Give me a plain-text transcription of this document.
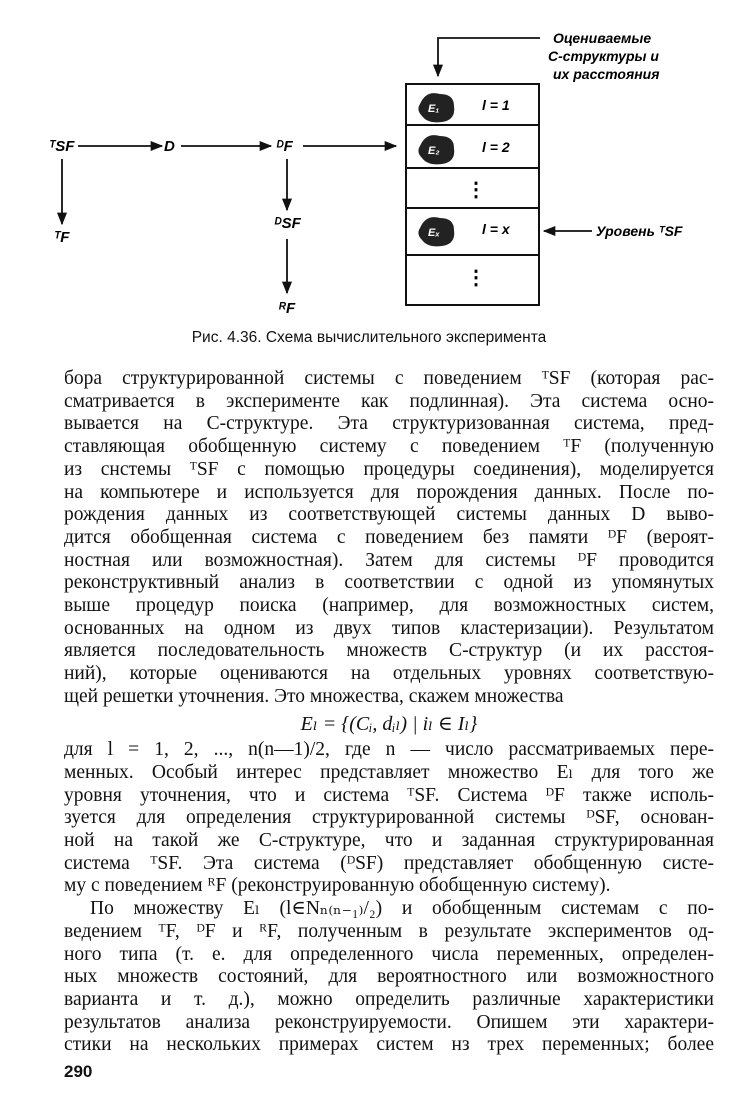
Оцениваемые
С-структуры и
их расстояния
E₁	l = 1
E₂	l = 2
⋮
Eₓ	l = x
⋮
Уровень ᵀSF
ᵀSF	D	ᴰF
ᵀF
ᴰSF
ᴿF
Рис. 4.36. Схема вычислительного эксперимента

бора структурированной системы с поведением ᵀSF (которая рас-
сматривается в эксперименте как подлинная). Эта система осно-
вывается на С-структуре. Эта структуризованная система, пред-
ставляющая обобщенную систему с поведением ᵀF (полученную
из снстемы ᵀSF с помощью процедуры соединения), моделируется
на компьютере и используется для порождения данных. После по-
рождения данных из соответствующей системы данных D выво-
дится обобщенная система с поведением без памяти ᴰF (вероят-
ностная или возможностная). Затем для системы ᴰF проводится
реконструктивный анализ в соответствии с одной из упомянутых
выше процедур поиска (например, для возможностных систем,
основанных на одном из двух типов кластеризации). Результатом
является последовательность множеств С-структур (и их расстоя-
ний), которые оцениваются на отдельных уровнях соответствую-
щей решетки уточнения. Это множества, скажем множества

Eₗ = {(Cᵢ, dᵢₗ) | iₗ ∈ Iₗ}

для l = 1, 2, ..., n(n—1)/2, где n — число рассматриваемых пере-
менных. Особый интерес представляет множество Eₗ для того же
уровня уточнения, что и система ᵀSF. Система ᴰF также исполь-
зуется для определения структурированной системы ᴰSF, основан-
ной на такой же С-структуре, что и заданная структурированная
система ᵀSF. Эта система (ᴰSF) представляет обобщенную систе-
му с поведением ᴿF (реконструированную обобщенную систему).

По множеству Eₗ (l∈Nₙ₍ₙ₋₁₎/₂) и обобщенным системам с по-
ведением ᵀF, ᴰF и ᴿF, полученным в результате экспериментов од-
ного типа (т. е. для определенного числа переменных, определен-
ных множеств состояний, для вероятностного или возможностного
варианта и т. д.), можно определить различные характеристики
результатов анализа реконструируемости. Опишем эти характери-
стики на нескольких примерах систем нз трех переменных; более

290
